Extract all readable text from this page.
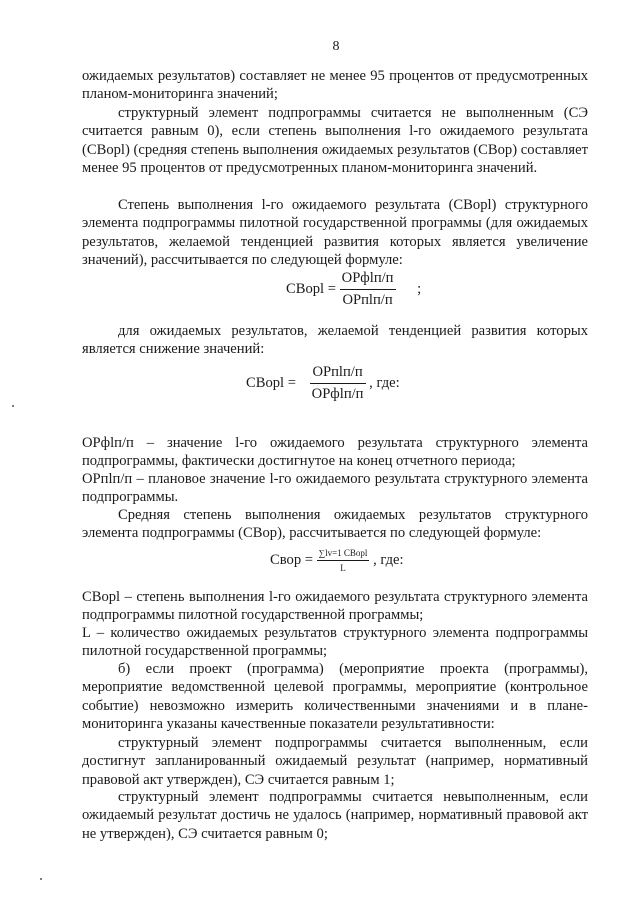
8

ожидаемых результатов) составляет не менее 95 процентов от предусмотренных планом-мониторинга значений;

структурный элемент подпрограммы считается не выполненным (СЭ считается равным 0), если степень выполнения l-го ожидаемого результата (СВорl) (средняя степень выполнения ожидаемых результатов (СВор) составляет менее 95 процентов от предусмотренных планом-мониторинга значений.

Степень выполнения l-го ожидаемого результата (СВорl) структурного элемента подпрограммы пилотной государственной программы (для ожидаемых результатов, желаемой тенденцией развития которых является увеличение значений), рассчитывается по следующей формуле:

СВорl = $\frac{\text{ОРфlп/п}}{\text{ОРпlп/п}}$ ;

для ожидаемых результатов, желаемой тенденцией развития которых является снижение значений:

СВорl = $\frac{\text{ОРпlп/п}}{\text{ОРфlп/п}}$ , где:

ОРфlп/п – значение l-го ожидаемого результата структурного элемента подпрограммы, фактически достигнутое на конец отчетного периода;

ОРпlп/п – плановое значение l-го ожидаемого результата структурного элемента подпрограммы.

Средняя степень выполнения ожидаемых результатов структурного элемента подпрограммы (СВор), рассчитывается по следующей формуле:

Свор = $\frac{\text{∑lv=1 СВорl}}{L}$ , где:

СВорl – степень выполнения l-го ожидаемого результата структурного элемента подпрограммы пилотной государственной программы;

L – количество ожидаемых результатов структурного элемента подпрограммы пилотной государственной программы;

б) если проект (программа) (мероприятие проекта (программы), мероприятие ведомственной целевой программы, мероприятие (контрольное событие) невозможно измерить количественными значениями и в плане-мониторинга указаны качественные показатели результативности:

структурный элемент подпрограммы считается выполненным, если достигнут запланированный ожидаемый результат (например, нормативный правовой акт утвержден), СЭ считается равным 1;

структурный элемент подпрограммы считается невыполненным, если ожидаемый результат достичь не удалось (например, нормативный правовой акт не утвержден), СЭ считается равным 0;
